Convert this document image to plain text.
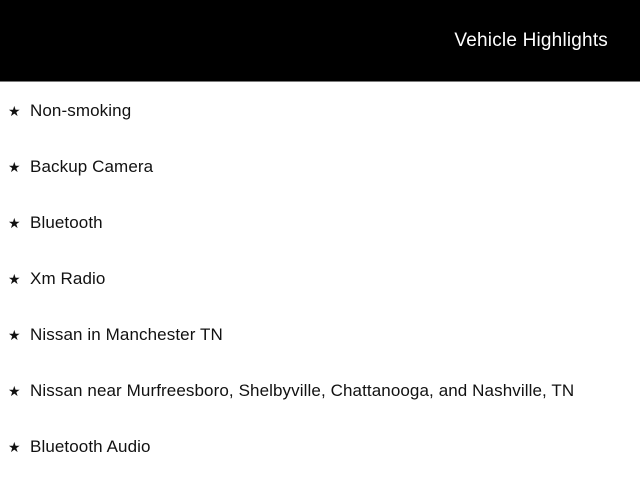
Vehicle Highlights
★ Non-smoking
★ Backup Camera
★ Bluetooth
★ Xm Radio
★ Nissan in Manchester TN
★ Nissan near Murfreesboro, Shelbyville, Chattanooga, and Nashville, TN
★ Bluetooth Audio
